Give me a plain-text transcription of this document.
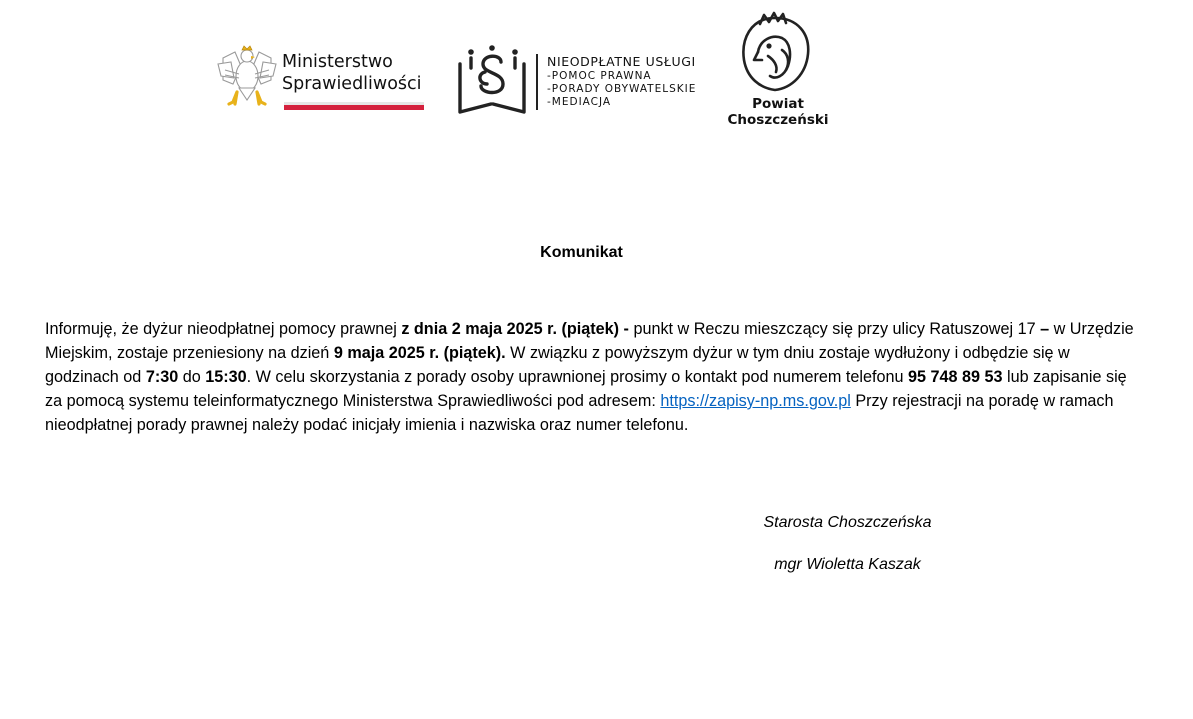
Ministerstwo
Sprawiedliwości
NIEODPŁATNE USŁUGI
-POMOC PRAWNA
-PORADY OBYWATELSKIE
-MEDIACJA	Powiat
Choszczeński
Komunikat
Informuję, że dyżur nieodpłatnej pomocy prawnej z dnia 2 maja 2025 r. (piątek) - punkt w Reczu mieszczący się przy ulicy Ratuszowej 17 – w Urzędzie Miejskim, zostaje przeniesiony na dzień 9 maja 2025 r. (piątek). W związku z powyższym dyżur w tym dniu zostaje wydłużony i odbędzie się w godzinach od 7:30 do 15:30. W celu skorzystania z porady osoby uprawnionej prosimy o kontakt pod numerem telefonu 95 748 89 53 lub zapisanie się za pomocą systemu teleinformatycznego Ministerstwa Sprawiedliwości pod adresem: https://zapisy-np.ms.gov.pl Przy rejestracji na poradę w ramach nieodpłatnej porady prawnej należy podać inicjały imienia i nazwiska oraz numer telefonu.
Starosta Choszczeńska
mgr Wioletta Kaszak
